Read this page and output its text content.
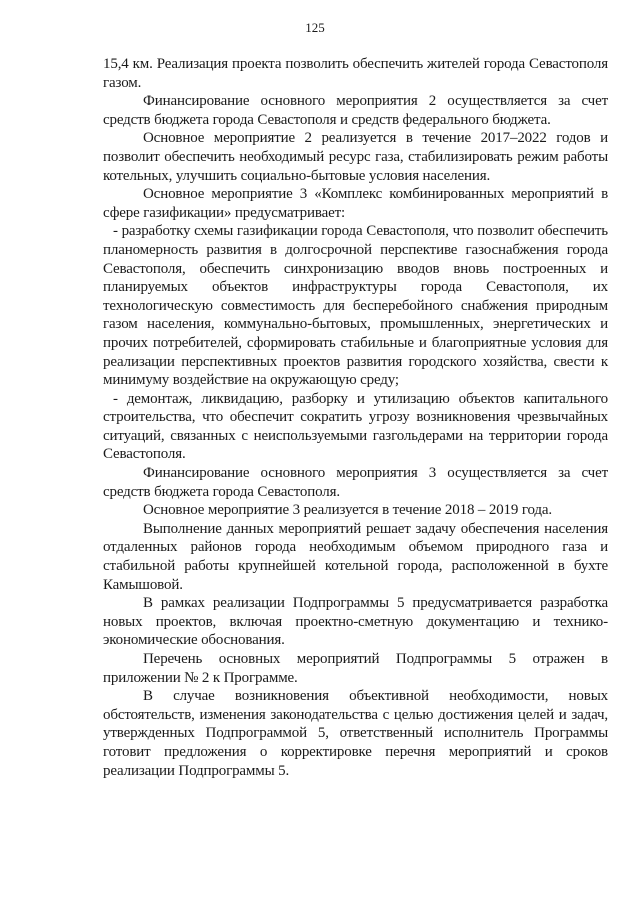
125

15,4 км. Реализация проекта позволить обеспечить жителей города Севастополя газом.

Финансирование основного мероприятия 2 осуществляется за счет средств бюджета города Севастополя и средств федерального бюджета.

Основное мероприятие 2 реализуется в течение 2017–2022 годов и позволит обеспечить необходимый ресурс газа, стабилизировать режим работы котельных, улучшить социально-бытовые условия населения.

Основное мероприятие 3 «Комплекс комбинированных мероприятий в сфере газификации» предусматривает:

- разработку схемы газификации города Севастополя, что позволит обеспечить планомерность развития в долгосрочной перспективе газоснабжения города Севастополя, обеспечить синхронизацию вводов вновь построенных и планируемых объектов инфраструктуры города Севастополя, их технологическую совместимость для бесперебойного снабжения природным газом населения, коммунально-бытовых, промышленных, энергетических и прочих потребителей, сформировать стабильные и благоприятные условия для реализации перспективных проектов развития городского хозяйства, свести к минимуму воздействие на окружающую среду;

- демонтаж, ликвидацию, разборку и утилизацию объектов капитального строительства, что обеспечит сократить угрозу возникновения чрезвычайных ситуаций, связанных с неиспользуемыми газгольдерами на территории города Севастополя.

Финансирование основного мероприятия 3 осуществляется за счет средств бюджета города Севастополя.

Основное мероприятие 3 реализуется в течение 2018 – 2019 года.

Выполнение данных мероприятий решает задачу обеспечения населения отдаленных районов города необходимым объемом природного газа и стабильной работы крупнейшей котельной города, расположенной в бухте Камышовой.

В рамках реализации Подпрограммы 5 предусматривается разработка новых проектов, включая проектно-сметную документацию и технико-экономические обоснования.

Перечень основных мероприятий Подпрограммы 5 отражен в приложении № 2 к Программе.

В случае возникновения объективной необходимости, новых обстоятельств, изменения законодательства с целью достижения целей и задач, утвержденных Подпрограммой 5, ответственный исполнитель Программы готовит предложения о корректировке перечня мероприятий и сроков реализации Подпрограммы 5.
